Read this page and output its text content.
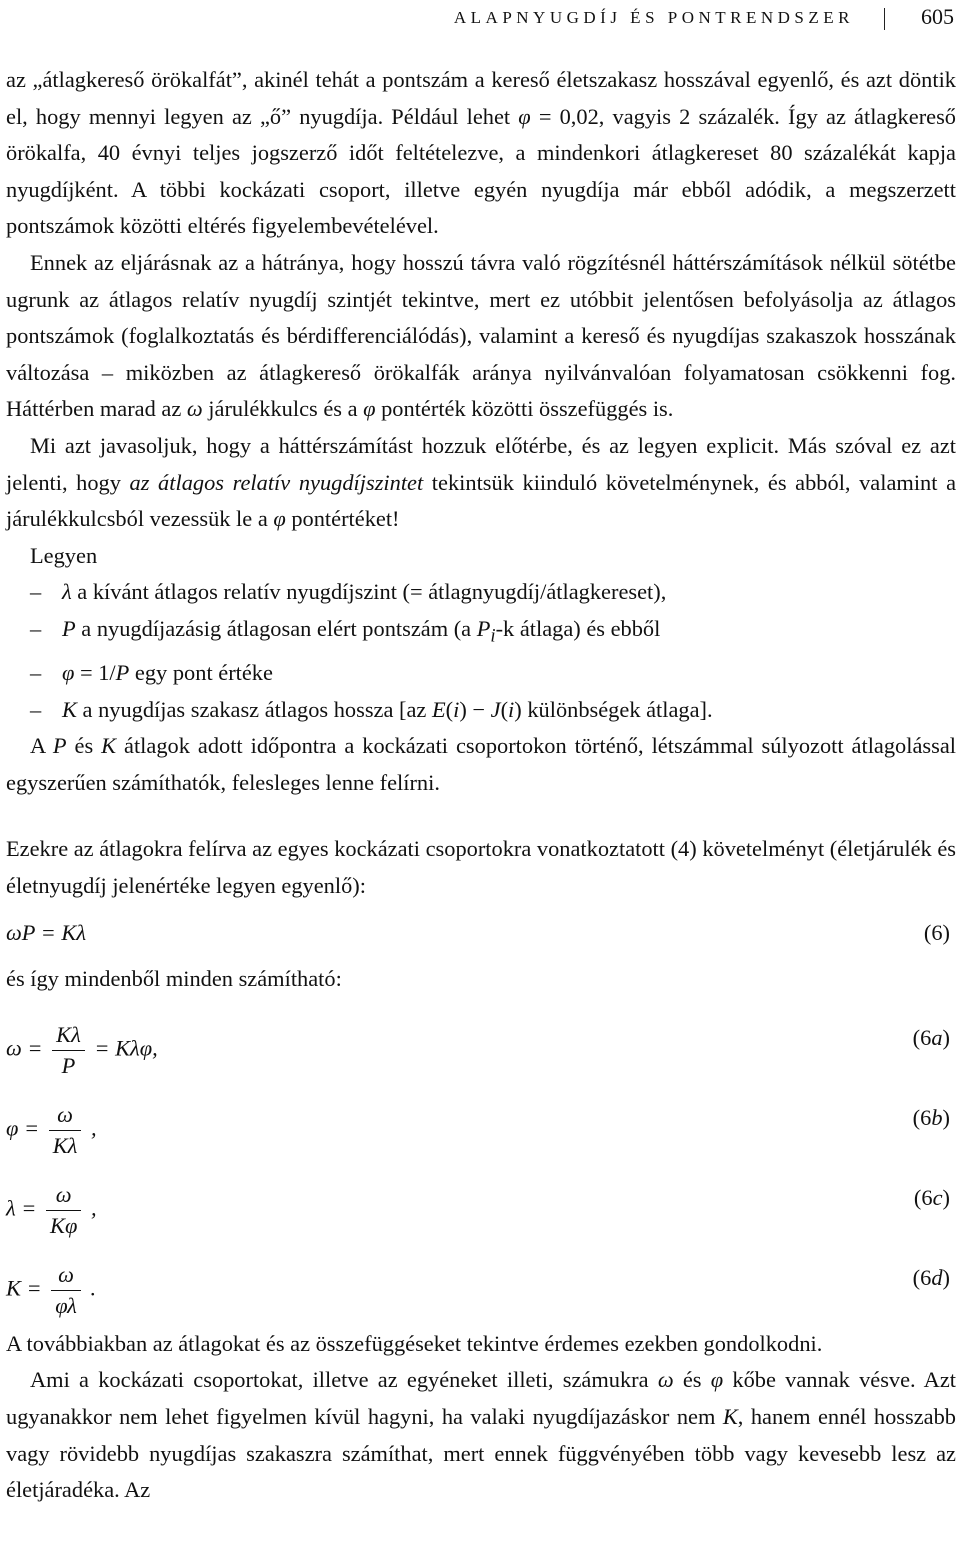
ALAPNYUGDÍJ ÉS PONTRENDSZER	605

az „átlagkereső örökalfát”, akinél tehát a pontszám a kereső életszakasz hosszával egyenlő, és azt döntik el, hogy mennyi legyen az „ő” nyugdíja. Például lehet φ = 0,02, vagyis 2 százalék. Így az átlagkereső örökalfa, 40 évnyi teljes jogszerző időt feltételezve, a mindenkori átlagkereset 80 százalékát kapja nyugdíjként. A többi kockázati csoport, illetve egyén nyugdíja már ebből adódik, a megszerzett pontszámok közötti eltérés figyelembevételével.

Ennek az eljárásnak az a hátránya, hogy hosszú távra való rögzítésnél háttérszámítások nélkül sötétbe ugrunk az átlagos relatív nyugdíj szintjét tekintve, mert ez utóbbit jelentősen befolyásolja az átlagos pontszámok (foglalkoztatás és bérdifferenciálódás), valamint a kereső és nyugdíjas szakaszok hosszának változása – miközben az átlagkereső örökalfák aránya nyilvánvalóan folyamatosan csökkenni fog. Háttérben marad az ω járulékkulcs és a φ pontérték közötti összefüggés is.

Mi azt javasoljuk, hogy a háttérszámítást hozzuk előtérbe, és az legyen explicit. Más szóval ez azt jelenti, hogy az átlagos relatív nyugdíjszintet tekintsük kiinduló követelménynek, és abból, valamint a járulékkulcsból vezessük le a φ pontértéket!

Legyen

– λ a kívánt átlagos relatív nyugdíjszint (= átlagnyugdíj/átlagkereset),

– P a nyugdíjazásig átlagosan elért pontszám (a $P_i-k$ átlaga) és ebből

– φ = 1/P egy pont értéke

– K a nyugdíjas szakasz átlagos hossza [az E(i) − J(i) különbségek átlaga].

A P és K átlagok adott időpontra a kockázati csoportokon történő, létszámmal súlyozott átlagolással egyszerűen számíthatók, felesleges lenne felírni.

Ezekre az átlagokra felírva az egyes kockázati csoportokra vonatkoztatott (4) követelményt (életjárulék és életnyugdíj jelenértéke legyen egyenlő):

ωP = Kλ	(6)

és így mindenből minden számítható:

$\omega = \frac{K\lambda}{P} = K\lambda\varphi$,	(6a)
$\varphi = \frac{\omega}{K\lambda}$ ,	(6b)
$\lambda = \frac{\omega}{K\varphi}$ ,	(6c)
$K = \frac{\omega}{\varphi\lambda}$ .	(6d)

A továbbiakban az átlagokat és az összefüggéseket tekintve érdemes ezekben gondolkodni.

Ami a kockázati csoportokat, illetve az egyéneket illeti, számukra ω és φ kőbe vannak vésve. Azt ugyanakkor nem lehet figyelmen kívül hagyni, ha valaki nyugdíjazáskor nem K, hanem ennél hosszabb vagy rövidebb nyugdíjas szakaszra számíthat, mert ennek függvényében több vagy kevesebb lesz az életjáradéka. Az
